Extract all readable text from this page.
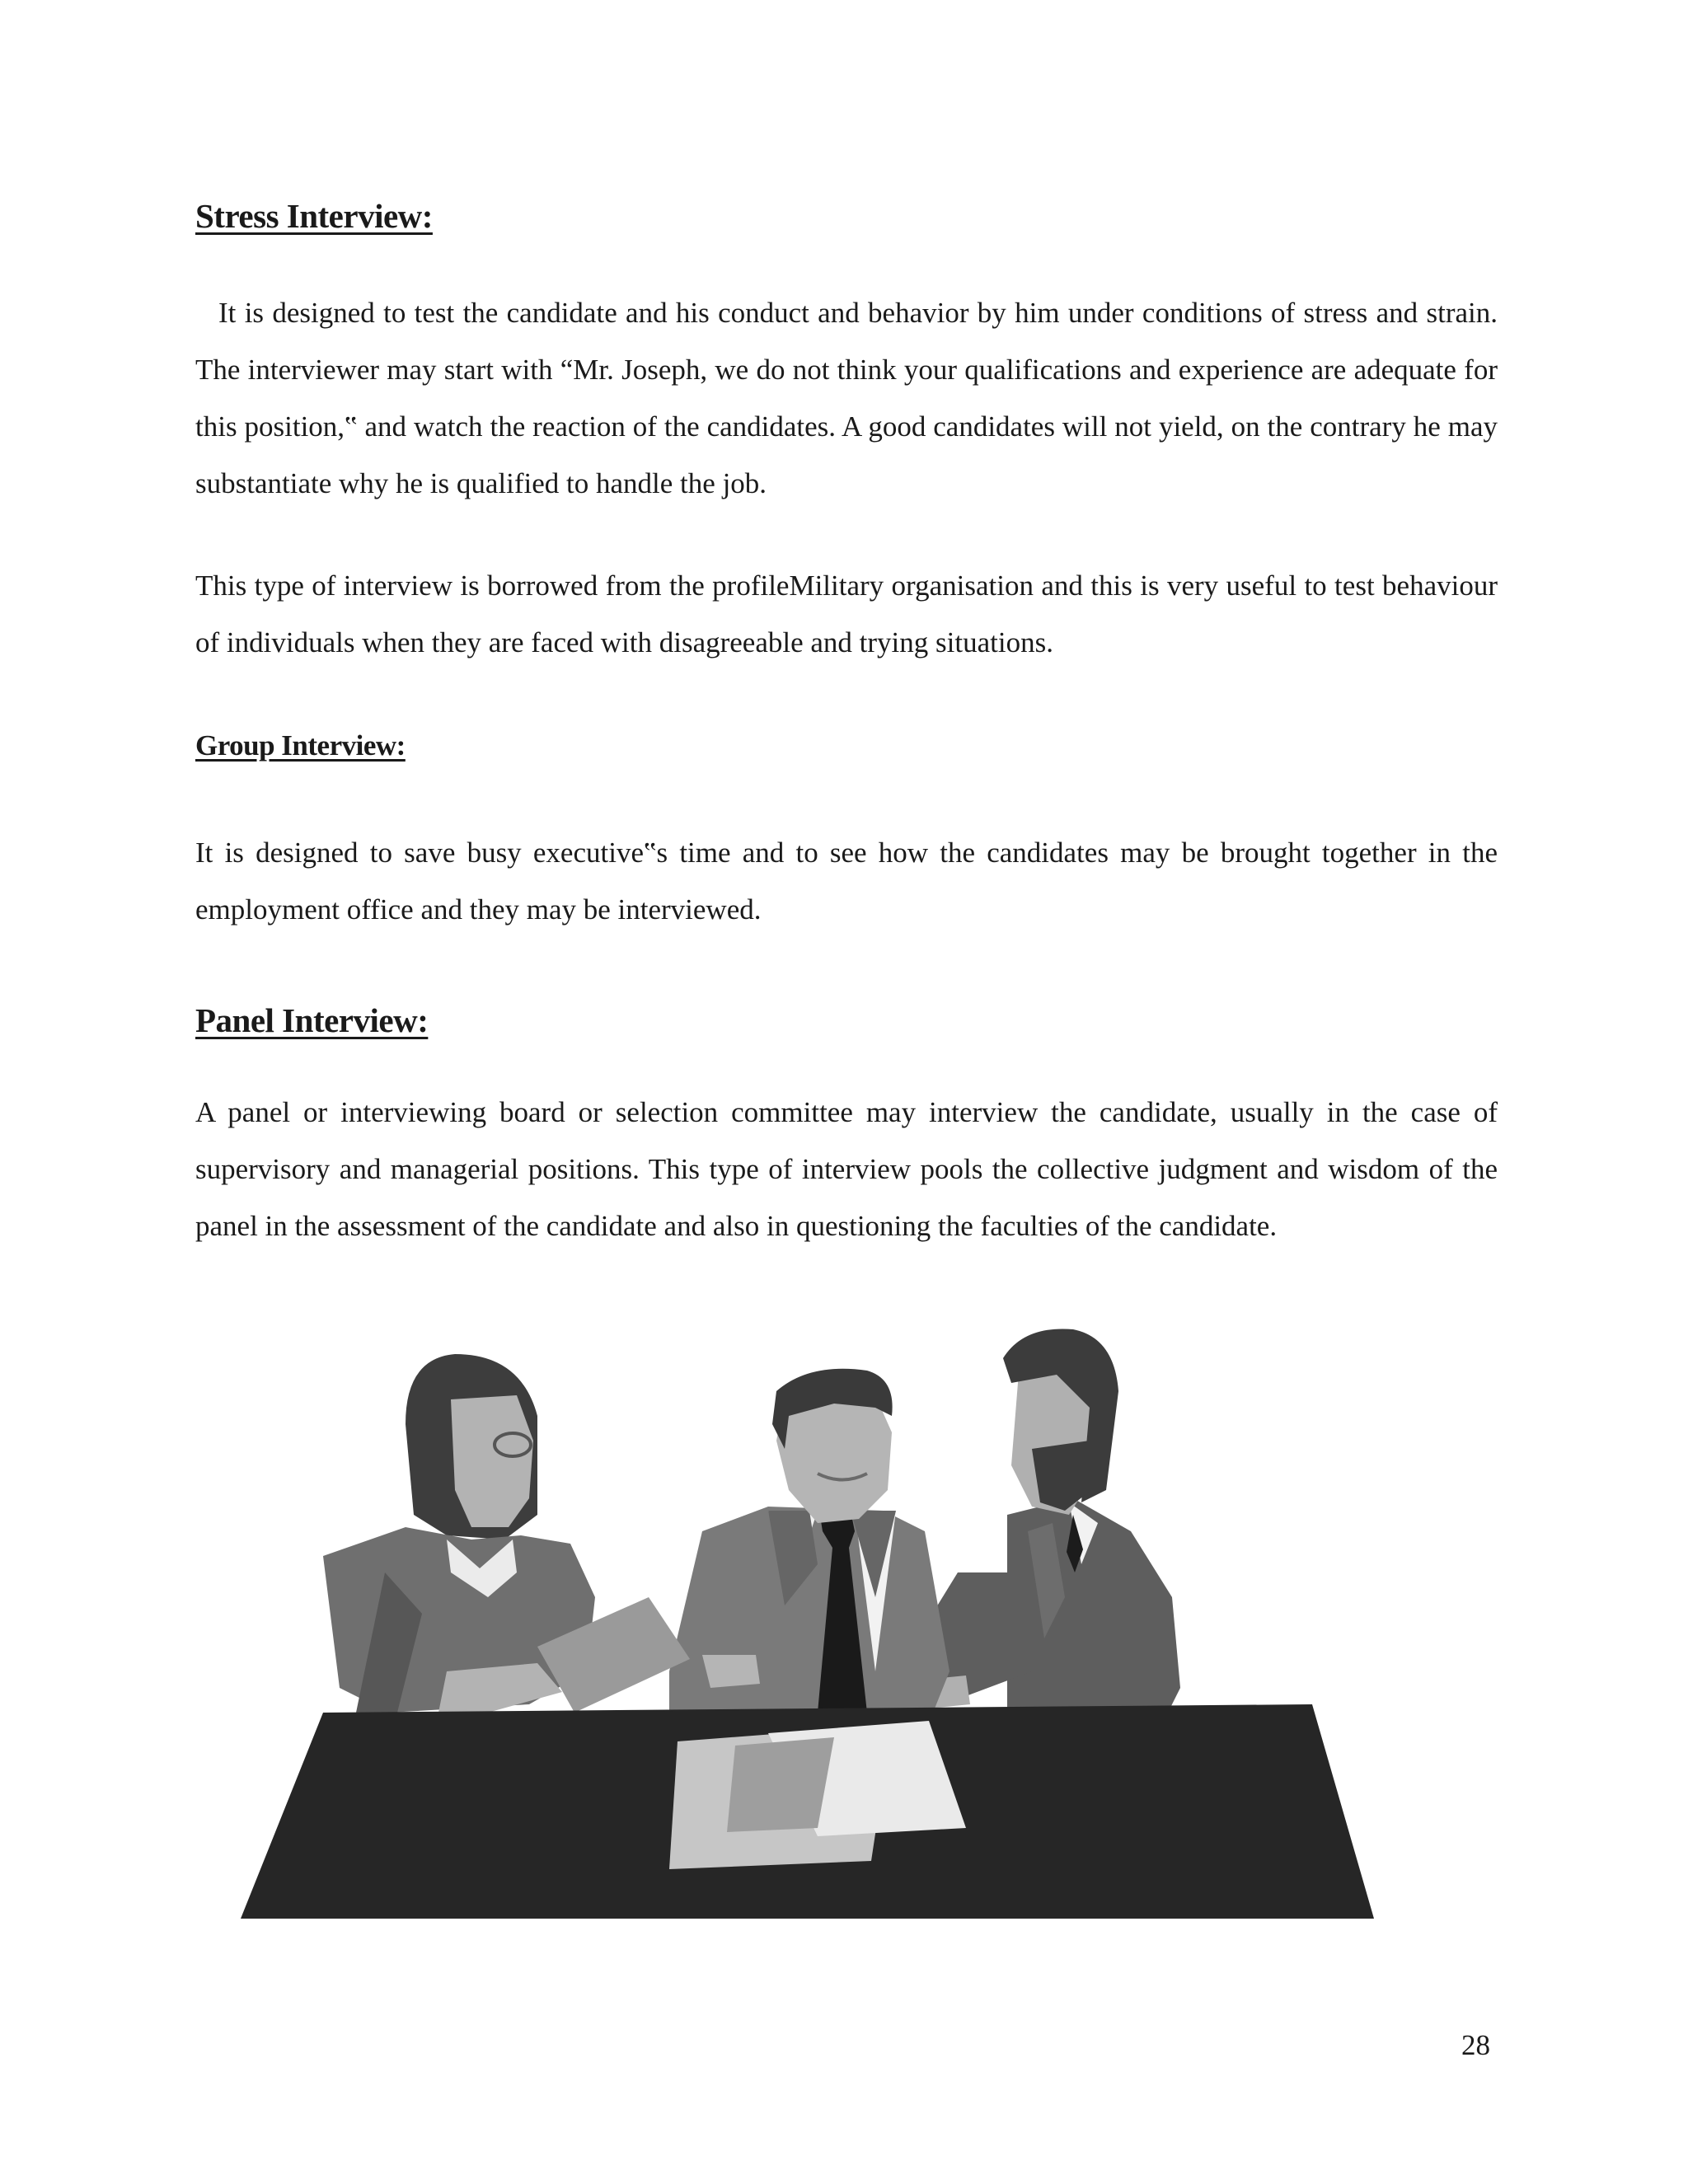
Stress Interview:

It is designed to test the candidate and his conduct and behavior by him under conditions of stress and strain. The interviewer may start with “Mr. Joseph, we do not think your qualifications and experience are adequate for this position,‟ and watch the reaction of the candidates. A good candidates will not yield, on the contrary he may substantiate why he is qualified to handle the job.

This type of interview is borrowed from the profileMilitary organisation and this is very useful to test behaviour of individuals when they are faced with disagreeable and trying situations.

Group Interview:

It is designed to save busy executive‟s time and to see how the candidates may be brought together in the employment office and they may be interviewed.

Panel Interview:

A panel or interviewing board or selection committee may interview the candidate, usually in the case of supervisory and managerial positions. This type of interview pools the collective judgment and wisdom of the panel in the assessment of the candidate and also in questioning the faculties of the candidate.

28
